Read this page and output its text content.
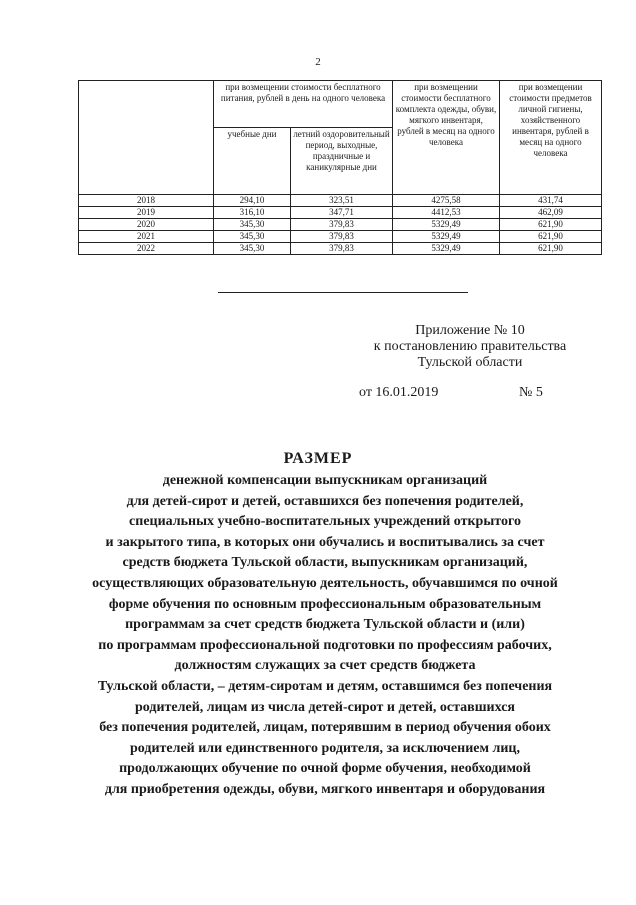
2
	при возмещении стоимости бесплатного питания, рублей в день на одного человека		при возмещении стоимости бесплатного комплекта одежды, обуви, мягкого инвентаря, рублей в месяц на одного человека	при возмещении стоимости предметов личной гигиены, хозяйственного инвентаря, рублей в месяц на одного человека
	учебные дни	летний оздоровительный период, выходные, праздничные и каникулярные дни		
2018	294,10	323,51	4275,58	431,74
2019	316,10	347,71	4412,53	462,09
2020	345,30	379,83	5329,49	621,90
2021	345,30	379,83	5329,49	621,90
2022	345,30	379,83	5329,49	621,90
Приложение № 10
к постановлению правительства
Тульской области
от 16.01.2019	№ 5
РАЗМЕР
денежной компенсации выпускникам организаций
для детей-сирот и детей, оставшихся без попечения родителей,
специальных учебно-воспитательных учреждений открытого
и закрытого типа, в которых они обучались и воспитывались за счет
средств бюджета Тульской области, выпускникам организаций,
осуществляющих образовательную деятельность, обучавшимся по очной
форме обучения по основным профессиональным образовательным
программам за счет средств бюджета Тульской области и (или)
по программам профессиональной подготовки по профессиям рабочих,
должностям служащих за счет средств бюджета
Тульской области, – детям-сиротам и детям, оставшимся без попечения
родителей, лицам из числа детей-сирот и детей, оставшихся
без попечения родителей, лицам, потерявшим в период обучения обоих
родителей или единственного родителя, за исключением лиц,
продолжающих обучение по очной форме обучения, необходимой
для приобретения одежды, обуви, мягкого инвентаря и оборудования
